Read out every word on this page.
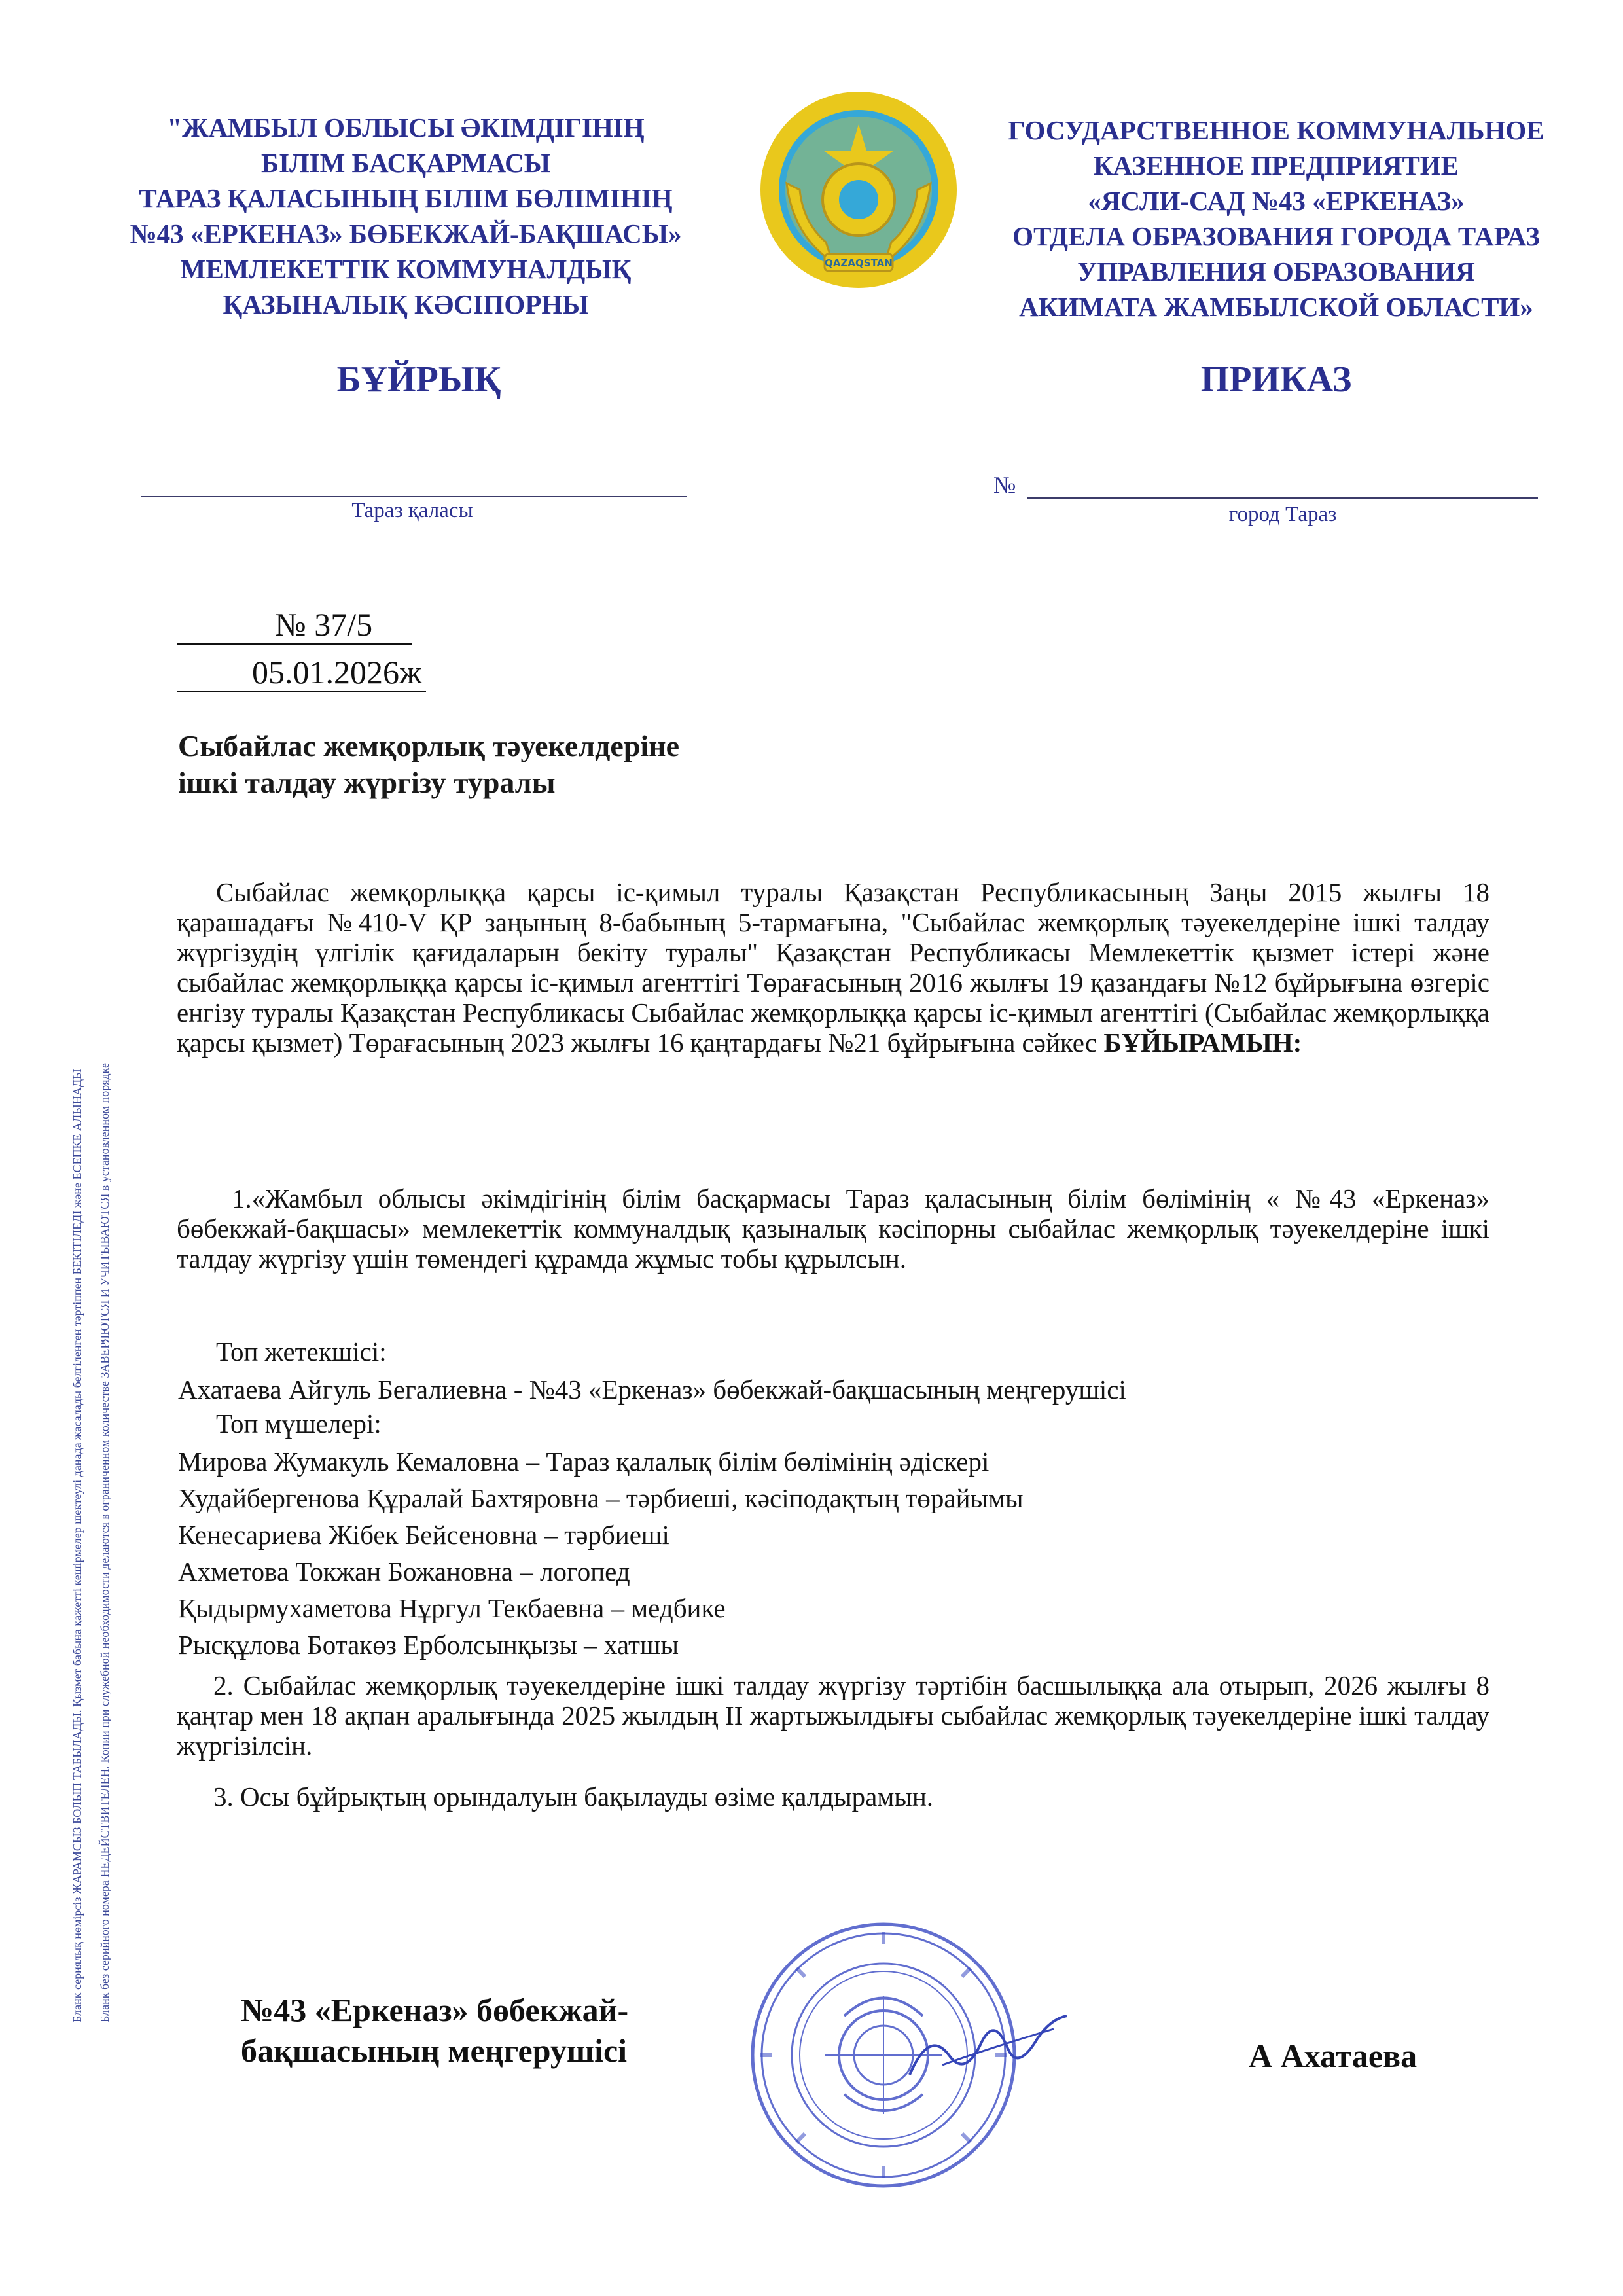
Бланк сериялық нөмірсіз ЖАРАМСЫЗ БОЛЫП ТАБЫЛАДЫ. Қызмет бабына қажетті кешірмелер шектеулі данада жасалады белгіленген тәртіппен БЕКІТІЛЕДІ және ЕСЕПКЕ АЛЫНАДЫ Бланк без серийного номера НЕДЕЙСТВИТЕЛЕН. Копии при служебной необходимости делаются в ограниченном количестве ЗАВЕРЯЮТСЯ И УЧИТЫВАЮТСЯ в установленном порядке
"ЖАМБЫЛ ОБЛЫСЫ ӘКІМДІГІНІҢ
БІЛІМ БАСҚАРМАСЫ
ТАРАЗ ҚАЛАСЫНЫҢ БІЛІМ БӨЛІМІНІҢ
№43 «ЕРКЕНАЗ» БӨБЕКЖАЙ-БАҚШАСЫ»
МЕМЛЕКЕТТІК КОММУНАЛДЫҚ
ҚАЗЫНАЛЫҚ КӘСІПОРНЫ
ГОСУДАРСТВЕННОЕ КОММУНАЛЬНОЕ
КАЗЕННОЕ ПРЕДПРИЯТИЕ
«ЯСЛИ-САД №43 «ЕРКЕНАЗ»
ОТДЕЛА ОБРАЗОВАНИЯ ГОРОДА ТАРАЗ
УПРАВЛЕНИЯ ОБРАЗОВАНИЯ
АКИМАТА ЖАМБЫЛСКОЙ ОБЛАСТИ»
QAZAQSTAN
БҰЙРЫҚ	ПРИКАЗ
Тараз қаласы
№
город Тараз
№ 37/5
05.01.2026ж
Сыбайлас жемқорлық тәуекелдеріне
ішкі талдау жүргізу туралы
Сыбайлас жемқорлыққа қарсы іс-қимыл туралы Қазақстан Республикасының Заңы 2015 жылғы 18 қарашадағы №410-V ҚР заңының 8-бабының 5-тармағына, "Сыбайлас жемқорлық тәуекелдеріне ішкі талдау жүргізудің үлгілік қағидаларын бекіту туралы" Қазақстан Республикасы Мемлекеттік қызмет істері және сыбайлас жемқорлыққа қарсы іс-қимыл агенттігі Төрағасының 2016 жылғы 19 қазандағы №12 бұйрығына өзгеріс енгізу туралы Қазақстан Республикасы Сыбайлас жемқорлыққа қарсы іс-қимыл агенттігі (Сыбайлас жемқорлыққа қарсы қызмет) Төрағасының 2023 жылғы 16 қаңтардағы №21 бұйрығына сәйкес БҰЙЫРАМЫН:
1.«Жамбыл облысы әкімдігінің білім басқармасы Тараз қаласының білім бөлімінің « №43 «Еркеназ» бөбекжай-бақшасы» мемлекеттік коммуналдық қазыналық кәсіпорны сыбайлас жемқорлық тәуекелдеріне ішкі талдау жүргізу үшін төмендегі құрамда жұмыс тобы құрылсын.
Топ жетекшісі:
Ахатаева Айгуль Бегалиевна - №43 «Еркеназ» бөбекжай-бақшасының меңгерушісі
Топ мүшелері:
Мирова Жумакуль Кемаловна – Тараз қалалық білім бөлімінің әдіскері
Худайбергенова Құралай Бахтяровна – тәрбиеші, кәсіподақтың төрайымы
Кенесариева Жібек Бейсеновна – тәрбиеші
Ахметова Токжан Божановна – логопед
Қыдырмухаметова Нұргул Текбаевна – медбике
Рысқұлова Ботакөз Ерболсынқызы – хатшы
2. Сыбайлас жемқорлық тәуекелдеріне ішкі талдау жүргізу тәртібін басшылыққа ала отырып, 2026 жылғы 8 қаңтар мен 18 ақпан аралығында 2025 жылдың ІІ жартыжылдығы сыбайлас жемқорлық тәуекелдеріне ішкі талдау жүргізілсін.
3. Осы бұйрықтың орындалуын бақылауды өзіме қалдырамын.
№43 «Еркеназ» бөбекжай-
бақшасының меңгерушісі	А Ахатаева
